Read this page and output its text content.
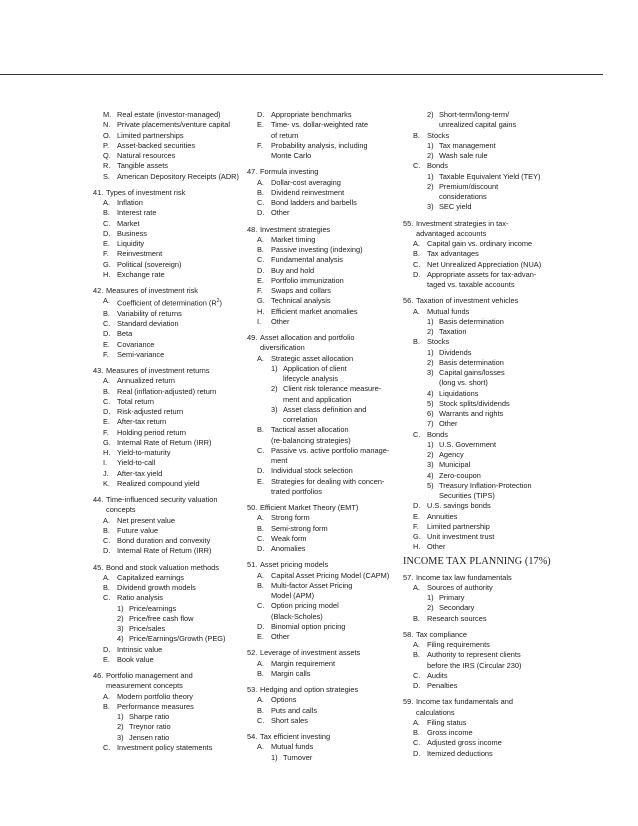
M. Real estate (investor-managed)
N. Private placements/venture capital
O. Limited partnerships
P. Asset-backed securities
Q. Natural resources
R. Tangible assets
S. American Depository Receipts (ADR)
41. Types of investment risk
A. Inflation
B. Interest rate
C. Market
D. Business
E. Liquidity
F. Reinvestment
G. Political (sovereign)
H. Exchange rate
42. Measures of investment risk
A. Coefficient of determination $(R^2)$
B. Variability of returns
C. Standard deviation
D. Beta
E. Covariance
F. Semi-variance
43. Measures of investment returns
A. Annualized return
B. Real (inflation-adjusted) return
C. Total return
D. Risk-adjusted return
E. After-tax return
F. Holding period return
G. Internal Rate of Return (IRR)
H. Yield-to-maturity
I. Yield-to-call
J. After-tax yield
K. Realized compound yield
44. Time-influenced security valuation
concepts
A. Net present value
B. Future value
C. Bond duration and convexity
D. Internal Rate of Return (IRR)
45. Bond and stock valuation methods
A. Capitalized earnings
B. Dividend growth models
C. Ratio analysis
1) Price/earnings
2) Price/free cash flow
3) Price/sales
4) Price/Earnings/Growth (PEG)
D. Intrinsic value
E. Book value
46. Portfolio management and
measurement concepts
A. Modern portfolio theory
B. Performance measures
1) Sharpe ratio
2) Treynor ratio
3) Jensen ratio
C. Investment policy statements
D. Appropriate benchmarks
E. Time- vs. dollar-weighted rate
of return
F. Probability analysis, including
Monte Carlo
47. Formula investing
A. Dollar-cost averaging
B. Dividend reinvestment
C. Bond ladders and barbells
D. Other
48. Investment strategies
A. Market timing
B. Passive investing (indexing)
C. Fundamental analysis
D. Buy and hold
E. Portfolio immunization
F. Swaps and collars
G. Technical analysis
H. Efficient market anomalies
I. Other
49. Asset allocation and portfolio
diversification
A. Strategic asset allocation
1) Application of client
lifecycle analysis
2) Client risk tolerance measure-
ment and application
3) Asset class definition and
correlation
B. Tactical asset allocation
(re-balancing strategies)
C. Passive vs. active portfolio manage-
ment
D. Individual stock selection
E. Strategies for dealing with concen-
trated portfolios
50. Efficient Market Theory (EMT)
A. Strong form
B. Semi-strong form
C. Weak form
D. Anomalies
51. Asset pricing models
A. Capital Asset Pricing Model (CAPM)
B. Multi-factor Asset Pricing
Model (APM)
C. Option pricing model
(Black-Scholes)
D. Binomial option pricing
E. Other
52. Leverage of investment assets
A. Margin requirement
B. Margin calls
53. Hedging and option strategies
A. Options
B. Puts and calls
C. Short sales
54. Tax efficient investing
A. Mutual funds
1) Turnover
2) Short-term/long-term/
unrealized capital gains
B. Stocks
1) Tax management
2) Wash sale rule
C. Bonds
1) Taxable Equivalent Yield (TEY)
2) Premium/discount
considerations
3) SEC yield
55. Investment strategies in tax-
advantaged accounts
A. Capital gain vs. ordinary income
B. Tax advantages
C. Net Unrealized Appreciation (NUA)
D. Appropriate assets for tax-advan-
taged vs. taxable accounts
56. Taxation of investment vehicles
A. Mutual funds
1) Basis determination
2) Taxation
B. Stocks
1) Dividends
2) Basis determination
3) Capital gains/losses
(long vs. short)
4) Liquidations
5) Stock splits/dividends
6) Warrants and rights
7) Other
C. Bonds
1) U.S. Government
2) Agency
3) Municipal
4) Zero-coupon
5) Treasury Inflation-Protection
Securities (TIPS)
D. U.S. savings bonds
E. Annuities
F. Limited partnership
G. Unit investment trust
H. Other
INCOME TAX PLANNING (17%)
57. Income tax law fundamentals
A. Sources of authority
1) Primary
2) Secondary
B. Research sources
58. Tax compliance
A. Filing requirements
B. Authority to represent clients
before the IRS (Circular 230)
C. Audits
D. Penalties
59. Income tax fundamentals and
calculations
A. Filing status
B. Gross income
C. Adjusted gross income
D. Itemized deductions
